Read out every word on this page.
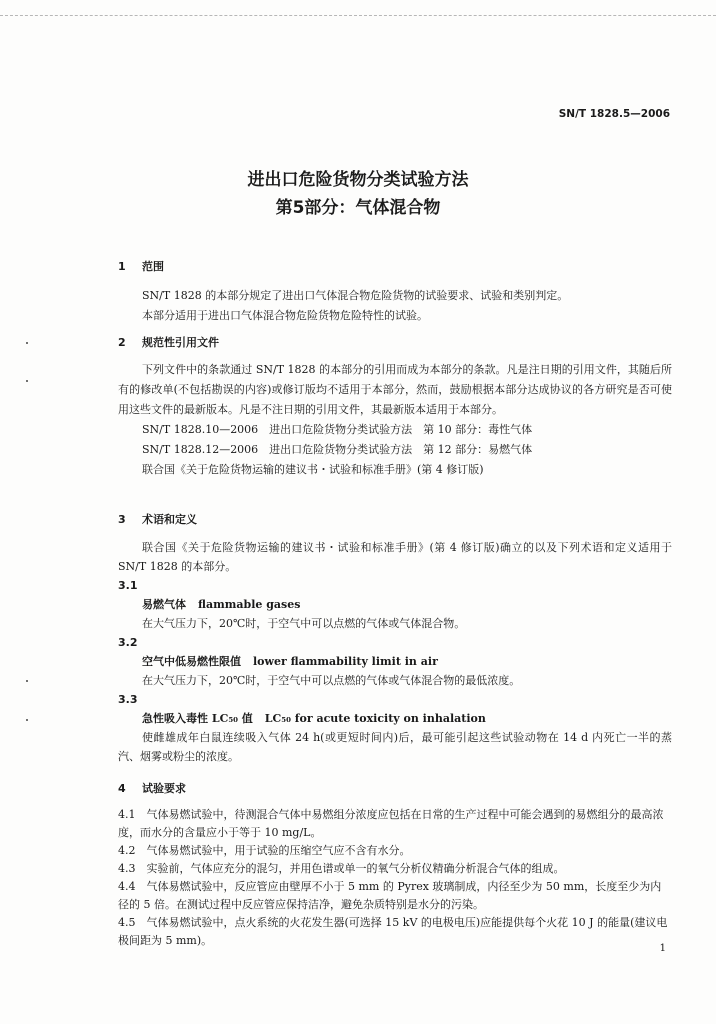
SN/T 1828.5—2006
进出口危险货物分类试验方法
第5部分：气体混合物
1 范围
SN/T 1828 的本部分规定了进出口气体混合物危险货物的试验要求、试验和类别判定。
本部分适用于进出口气体混合物危险货物危险特性的试验。
2 规范性引用文件
下列文件中的条款通过 SN/T 1828 的本部分的引用而成为本部分的条款。凡是注日期的引用文件，其随后所有的修改单(不包括勘误的内容)或修订版均不适用于本部分，然而，鼓励根据本部分达成协议的各方研究是否可使用这些文件的最新版本。凡是不注日期的引用文件，其最新版本适用于本部分。
SN/T 1828.10—2006　进出口危险货物分类试验方法　第 10 部分：毒性气体
SN/T 1828.12—2006　进出口危险货物分类试验方法　第 12 部分：易燃气体
联合国《关于危险货物运输的建议书・试验和标准手册》(第 4 修订版)
3 术语和定义
联合国《关于危险货物运输的建议书・试验和标准手册》(第 4 修订版)确立的以及下列术语和定义适用于 SN/T 1828 的本部分。
3.1
易燃气体 flammable gases
在大气压力下，20℃时，于空气中可以点燃的气体或气体混合物。
3.2
空气中低易燃性限值 lower flammability limit in air
在大气压力下，20℃时，于空气中可以点燃的气体或气体混合物的最低浓度。
3.3
急性吸入毒性 LC₅₀ 值 LC₅₀ for acute toxicity on inhalation
使雌雄成年白鼠连续吸入气体 24 h(或更短时间内)后，最可能引起这些试验动物在 14 d 内死亡一半的蒸汽、烟雾或粉尘的浓度。
4 试验要求
4.1　气体易燃试验中，待测混合气体中易燃组分浓度应包括在日常的生产过程中可能会遇到的易燃组分的最高浓度，而水分的含量应小于等于 10 mg/L。
4.2　气体易燃试验中，用于试验的压缩空气应不含有水分。
4.3　实验前，气体应充分的混匀，并用色谱或单一的氧气分析仪精确分析混合气体的组成。
4.4　气体易燃试验中，反应管应由壁厚不小于 5 mm 的 Pyrex 玻璃制成，内径至少为 50 mm，长度至少为内径的 5 倍。在测试过程中反应管应保持洁净，避免杂质特别是水分的污染。
4.5　气体易燃试验中，点火系统的火花发生器(可选择 15 kV 的电极电压)应能提供每个火花 10 J 的能量(建议电极间距为 5 mm)。
1
